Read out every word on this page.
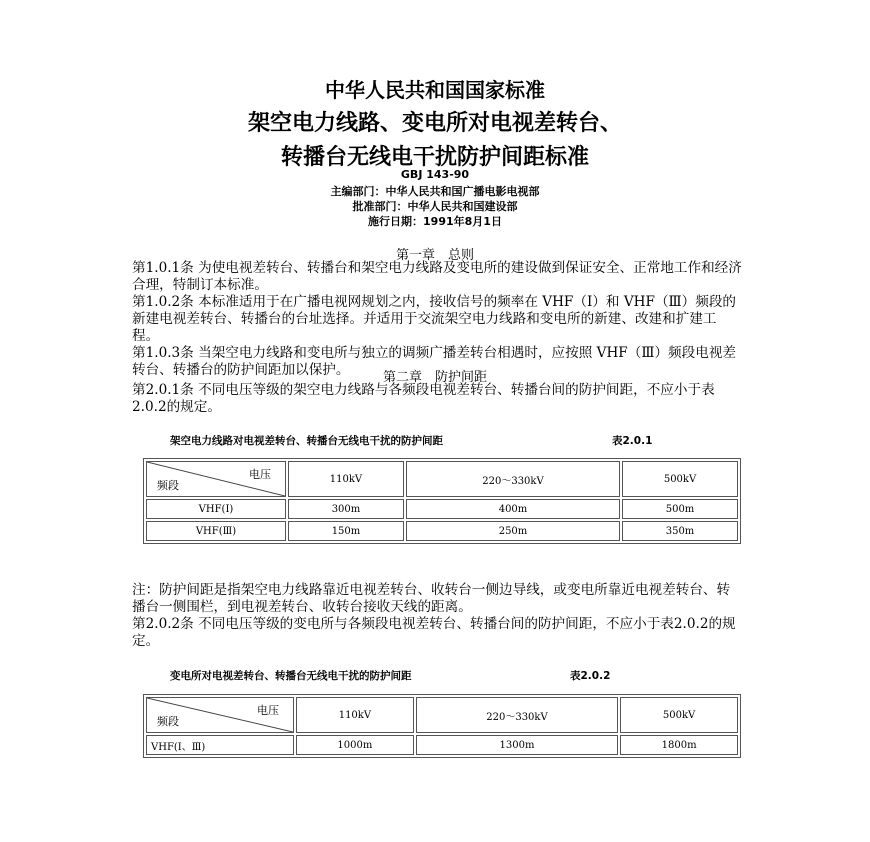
中华人民共和国国家标准
架空电力线路、变电所对电视差转台、
转播台无线电干扰防护间距标准
GBJ 143-90
主编部门：中华人民共和国广播电影电视部
批准部门：中华人民共和国建设部
施行日期：1991年8月1日
第一章　总则

第1.0.1条 为使电视差转台、转播台和架空电力线路及变电所的建设做到保证安全、正常地工作和经济合理，特制订本标准。

第1.0.2条 本标准适用于在广播电视网规划之内，接收信号的频率在 VHF（Ⅰ）和 VHF（Ⅲ）频段的新建电视差转台、转播台的台址选择。并适用于交流架空电力线路和变电所的新建、改建和扩建工程。

第1.0.3条 当架空电力线路和变电所与独立的调频广播差转台相遇时，应按照 VHF（Ⅲ）频段电视差转台、转播台的防护间距加以保护。	第二章　防护间距

第2.0.1条 不同电压等级的架空电力线路与各频段电视差转台、转播台间的防护间距，不应小于表2.0.2的规定。

架空电力线路对电视差转台、转播台无线电干扰的防护间距	表2.0.1
电压
频段	110kV	220～330kV	500kV
VHF(Ⅰ)	300m	400m	500m
VHF(Ⅲ)	150m	250m	350m

注：防护间距是指架空电力线路靠近电视差转台、收转台一侧边导线，或变电所靠近电视差转台、转播台一侧围栏，到电视差转台、收转台接收天线的距离。

第2.0.2条 不同电压等级的变电所与各频段电视差转台、转播台间的防护间距，不应小于表2.0.2的规定。

变电所对电视差转台、转播台无线电干扰的防护间距	表2.0.2
电压
频段	110kV	220～330kV	500kV
VHF(Ⅰ、Ⅲ)	1000m	1300m	1800m
